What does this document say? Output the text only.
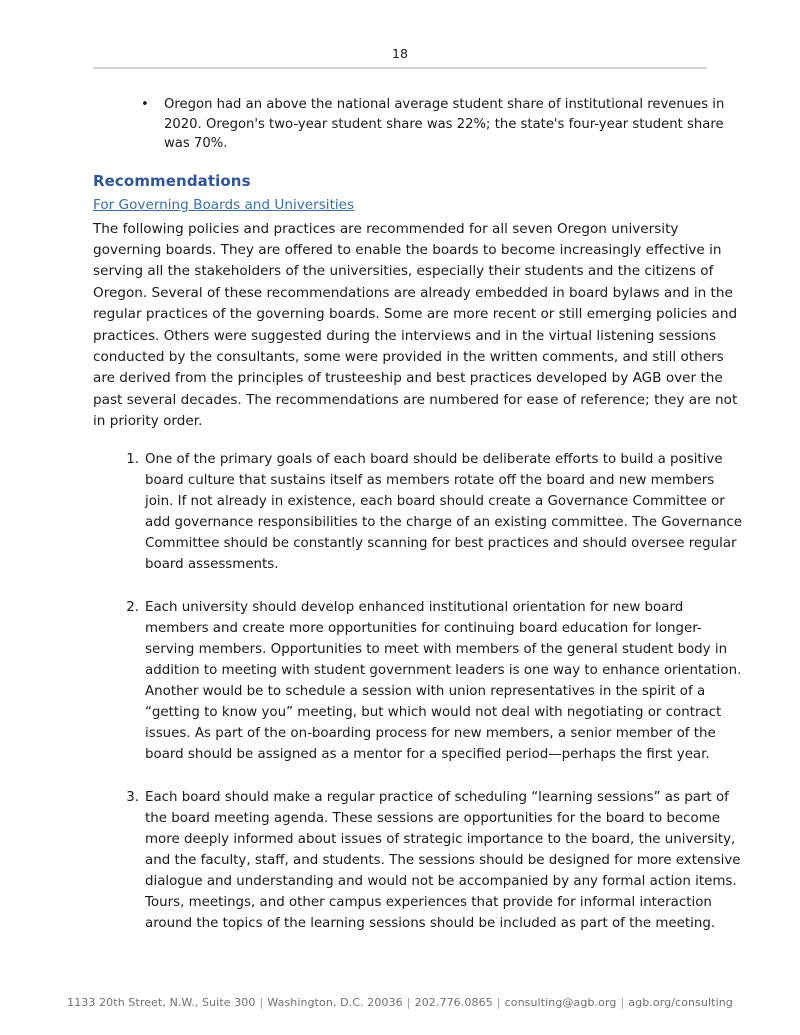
18
• Oregon had an above the national average student share of institutional revenues in 2020. Oregon's two-year student share was 22%; the state's four-year student share was 70%.
Recommendations
For Governing Boards and Universities

The following policies and practices are recommended for all seven Oregon university governing boards. They are offered to enable the boards to become increasingly effective in serving all the stakeholders of the universities, especially their students and the citizens of Oregon. Several of these recommendations are already embedded in board bylaws and in the regular practices of the governing boards. Some are more recent or still emerging policies and practices. Others were suggested during the interviews and in the virtual listening sessions conducted by the consultants, some were provided in the written comments, and still others are derived from the principles of trusteeship and best practices developed by AGB over the past several decades. The recommendations are numbered for ease of reference; they are not in priority order.

1. One of the primary goals of each board should be deliberate efforts to build a positive board culture that sustains itself as members rotate off the board and new members join. If not already in existence, each board should create a Governance Committee or add governance responsibilities to the charge of an existing committee. The Governance Committee should be constantly scanning for best practices and should oversee regular board assessments.
2. Each university should develop enhanced institutional orientation for new board members and create more opportunities for continuing board education for longer-serving members. Opportunities to meet with members of the general student body in addition to meeting with student government leaders is one way to enhance orientation. Another would be to schedule a session with union representatives in the spirit of a “getting to know you” meeting, but which would not deal with negotiating or contract issues. As part of the on-boarding process for new members, a senior member of the board should be assigned as a mentor for a specified period—perhaps the first year.
3. Each board should make a regular practice of scheduling “learning sessions” as part of the board meeting agenda. These sessions are opportunities for the board to become more deeply informed about issues of strategic importance to the board, the university, and the faculty, staff, and students. The sessions should be designed for more extensive dialogue and understanding and would not be accompanied by any formal action items. Tours, meetings, and other campus experiences that provide for informal interaction around the topics of the learning sessions should be included as part of the meeting.
1133 20th Street, N.W., Suite 300 | Washington, D.C. 20036 | 202.776.0865 | consulting@agb.org | agb.org/consulting
